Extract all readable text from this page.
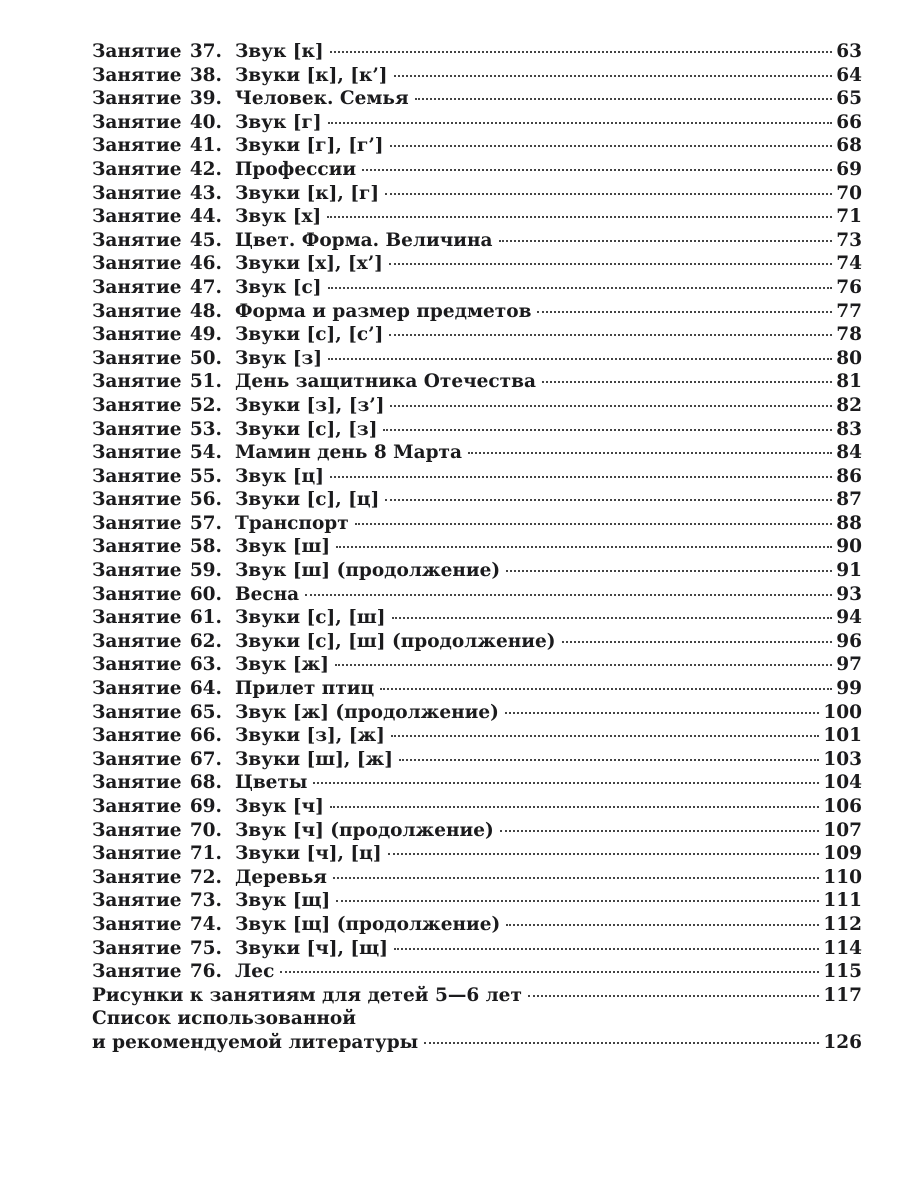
Занятие 37. Звук [к]	63
Занятие 38. Звуки [к], [к’]	64
Занятие 39. Человек. Семья	65
Занятие 40. Звук [г]	66
Занятие 41. Звуки [г], [г’]	68
Занятие 42. Профессии	69
Занятие 43. Звуки [к], [г]	70
Занятие 44. Звук [х]	71
Занятие 45. Цвет. Форма. Величина	73
Занятие 46. Звуки [х], [х’]	74
Занятие 47. Звук [с]	76
Занятие 48. Форма и размер предметов	77
Занятие 49. Звуки [с], [с’]	78
Занятие 50. Звук [з]	80
Занятие 51. День защитника Отечества	81
Занятие 52. Звуки [з], [з’]	82
Занятие 53. Звуки [с], [з]	83
Занятие 54. Мамин день 8 Марта	84
Занятие 55. Звук [ц]	86
Занятие 56. Звуки [с], [ц]	87
Занятие 57. Транспорт	88
Занятие 58. Звук [ш]	90
Занятие 59. Звук [ш] (продолжение)	91
Занятие 60. Весна	93
Занятие 61. Звуки [с], [ш]	94
Занятие 62. Звуки [с], [ш] (продолжение)	96
Занятие 63. Звук [ж]	97
Занятие 64. Прилет птиц	99
Занятие 65. Звук [ж] (продолжение)	100
Занятие 66. Звуки [з], [ж]	101
Занятие 67. Звуки [ш], [ж]	103
Занятие 68. Цветы	104
Занятие 69. Звук [ч]	106
Занятие 70. Звук [ч] (продолжение)	107
Занятие 71. Звуки [ч], [ц]	109
Занятие 72. Деревья	110
Занятие 73. Звук [щ]	111
Занятие 74. Звук [щ] (продолжение)	112
Занятие 75. Звуки [ч], [щ]	114
Занятие 76. Лес	115
Рисунки к занятиям для детей 5—6 лет	117
Список использованной
и рекомендуемой литературы	126
